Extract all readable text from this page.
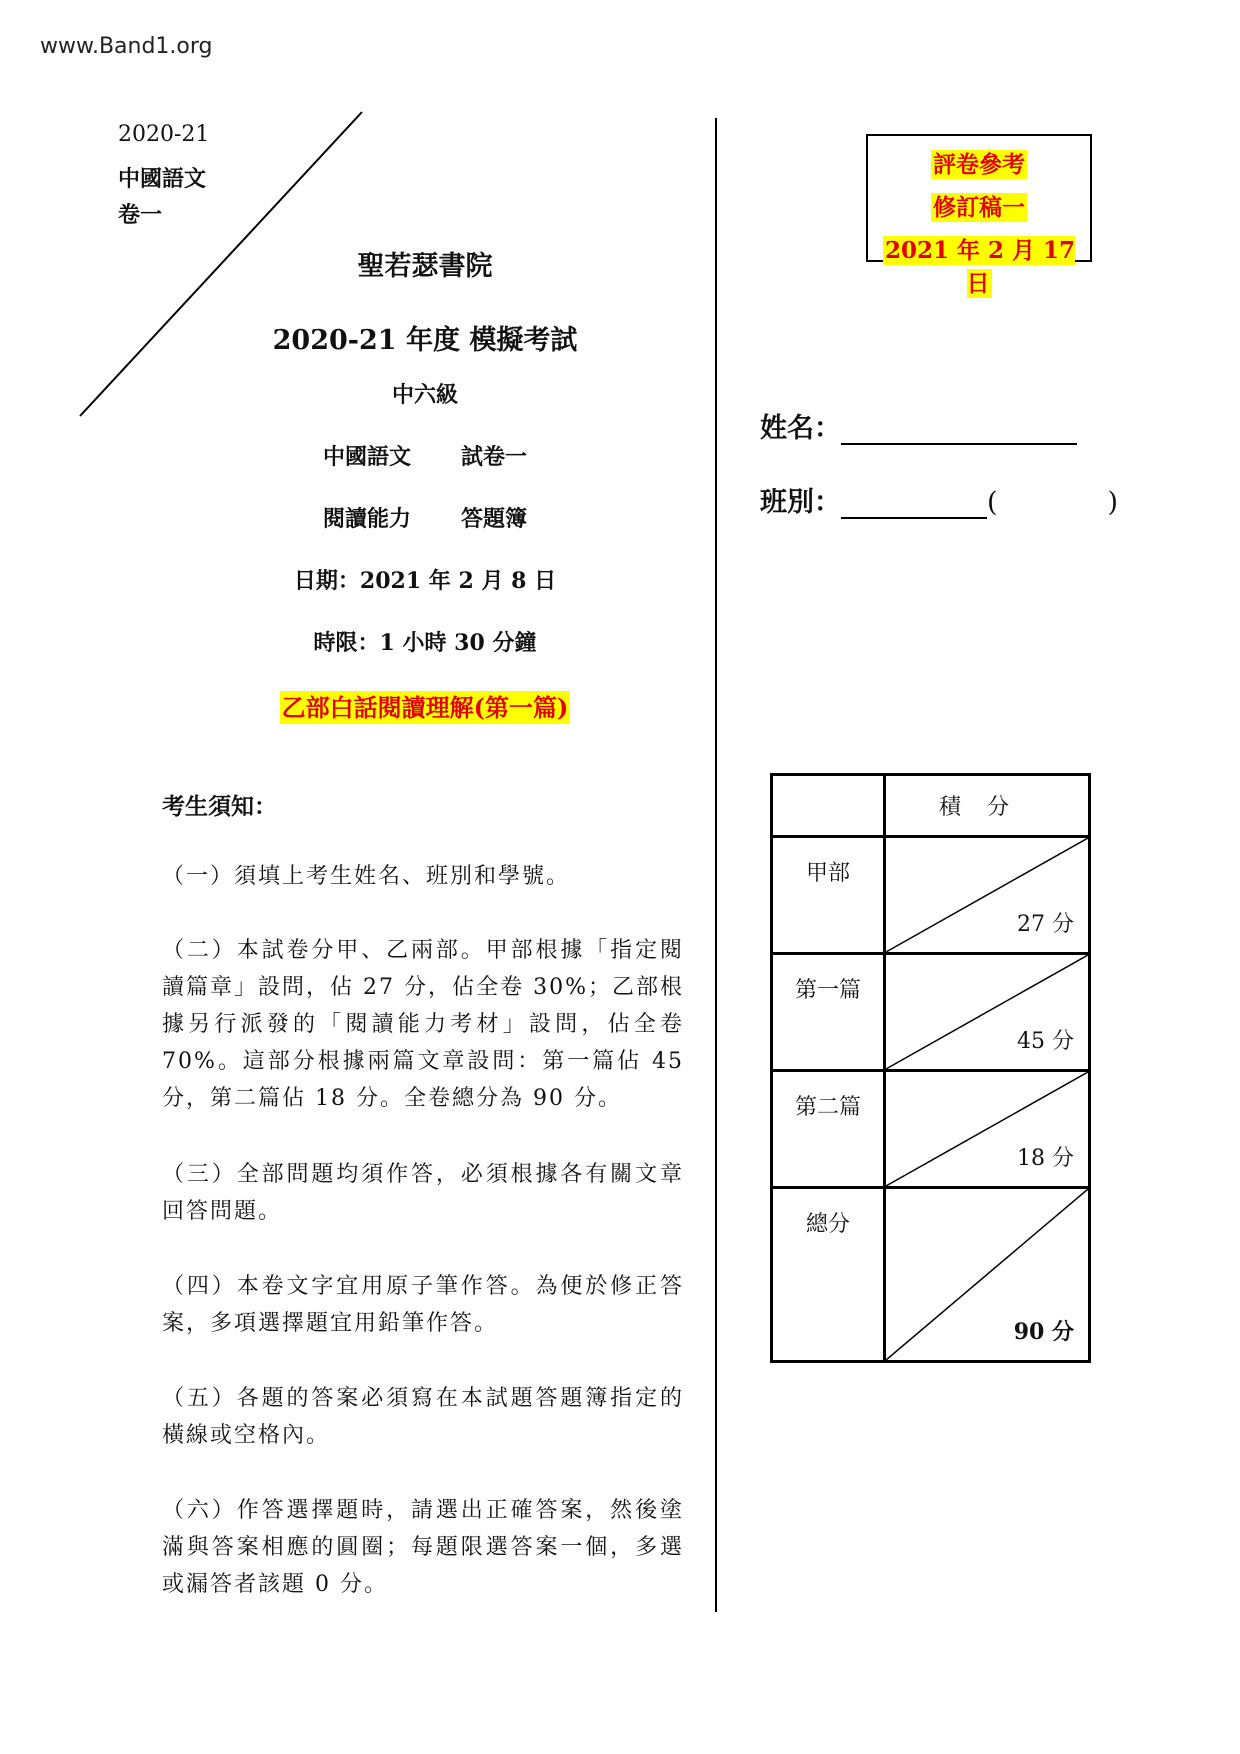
www.Band1.org
2020-21
中國語文
卷一
聖若瑟書院
2020-21 年度 模擬考試
中六級
中國語文 試卷一
閱讀能力 答題簿
日期：2021 年 2 月 8 日
時限：1 小時 30 分鐘
乙部白話閱讀理解(第一篇)
評卷參考
修訂稿一
2021 年 2 月 17 日
姓名：
班別：	(	)
考生須知：
（一）須填上考生姓名、班別和學號。
（二）本試卷分甲、乙兩部。甲部根據「指定閱讀篇章」設問，佔 27 分，佔全卷 30%；乙部根據另行派發的「閱讀能力考材」設問，佔全卷 70%。這部分根據兩篇文章設問：第一篇佔 45 分，第二篇佔 18 分。全卷總分為 90 分。
（三）全部問題均須作答，必須根據各有關文章回答問題。
（四）本卷文字宜用原子筆作答。為便於修正答案，多項選擇題宜用鉛筆作答。
（五）各題的答案必須寫在本試題答題簿指定的橫線或空格內。
（六）作答選擇題時，請選出正確答案，然後塗滿與答案相應的圓圈；每題限選答案一個，多選或漏答者該題 0 分。
	積分

甲部	27 分

第一篇	45 分

第二篇	18 分

總分	90 分
